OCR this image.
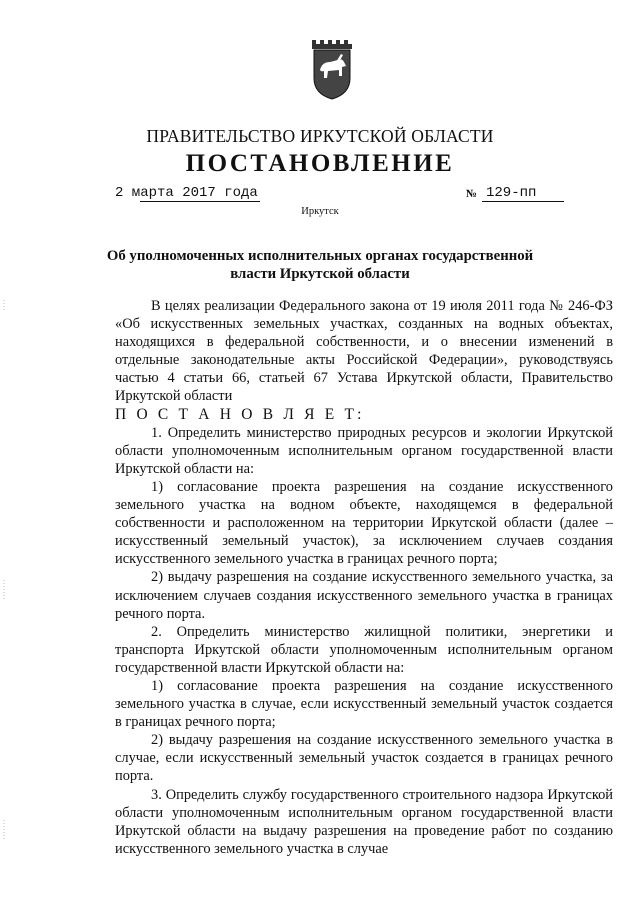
ПРАВИТЕЛЬСТВО ИРКУТСКОЙ ОБЛАСТИ
ПОСТАНОВЛЕНИЕ
2 марта 2017 года	№ 129-пп
Иркутск
Об уполномоченных исполнительных органах государственной власти Иркутской области

В целях реализации Федерального закона от 19 июля 2011 года № 246-ФЗ «Об искусственных земельных участках, созданных на водных объектах, находящихся в федеральной собственности, и о внесении изменений в отдельные законодательные акты Российской Федерации», руководствуясь частью 4 статьи 66, статьей 67 Устава Иркутской области, Правительство Иркутской области

П О С Т А Н О В Л Я Е Т:

1. Определить министерство природных ресурсов и экологии Иркутской области уполномоченным исполнительным органом государственной власти Иркутской области на:

1) согласование проекта разрешения на создание искусственного земельного участка на водном объекте, находящемся в федеральной собственности и расположенном на территории Иркутской области (далее – искусственный земельный участок), за исключением случаев создания искусственного земельного участка в границах речного порта;

2) выдачу разрешения на создание искусственного земельного участка, за исключением случаев создания искусственного земельного участка в границах речного порта.

2. Определить министерство жилищной политики, энергетики и транспорта Иркутской области уполномоченным исполнительным органом государственной власти Иркутской области на:

1) согласование проекта разрешения на создание искусственного земельного участка в случае, если искусственный земельный участок создается в границах речного порта;

2) выдачу разрешения на создание искусственного земельного участка в случае, если искусственный земельный участок создается в границах речного порта.

3. Определить службу государственного строительного надзора Иркутской области уполномоченным исполнительным органом государственной власти Иркутской области на выдачу разрешения на проведение работ по созданию искусственного земельного участка в случае
